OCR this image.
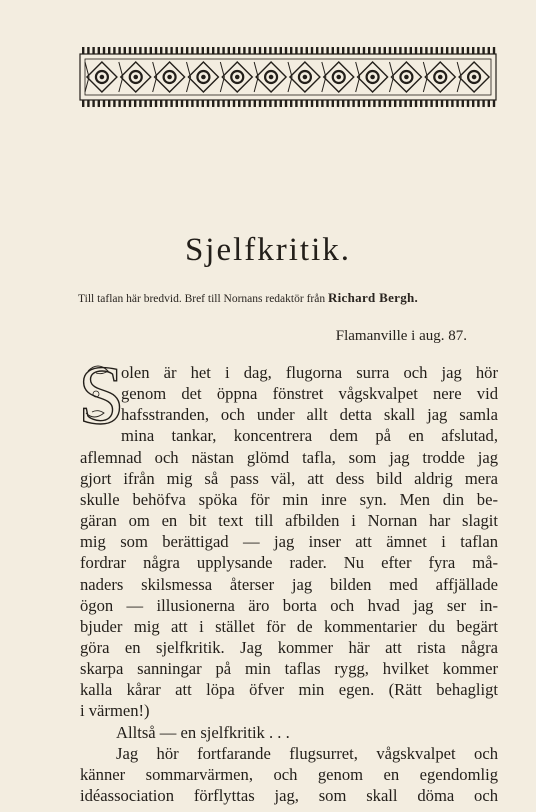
Sjelfkritik.
Till taflan här bredvid. Bref till Nornans redaktör från Richard Bergh.
Flamanville i aug. 87.
S
olen är het i dag, flugorna surra och jag hör
genom det öppna fönstret vågskvalpet nere vid
hafsstranden, och under allt detta skall jag samla
mina tankar, koncentrera dem på en afslutad,
aflemnad och nästan glömd tafla, som jag trodde jag
gjort ifrån mig så pass väl, att dess bild aldrig mera
skulle behöfva spöka för min inre syn. Men din be-
gäran om en bit text till afbilden i Nornan har slagit
mig som berättigad — jag inser att ämnet i taflan
fordrar några upplysande rader. Nu efter fyra må-
naders skilsmessa återser jag bilden med affjällade
ögon — illusionerna äro borta och hvad jag ser in-
bjuder mig att i stället för de kommentarier du begärt
göra en sjelfkritik. Jag kommer här att rista några
skarpa sanningar på min taflas rygg, hvilket kommer
kalla kårar att löpa öfver min egen. (Rätt behagligt
i värmen!)
Alltså — en sjelfkritik . . .
Jag hör fortfarande flugsurret, vågskvalpet och
känner sommarvärmen, och genom en egendomlig
idéassociation förflyttas jag, som skall döma och
